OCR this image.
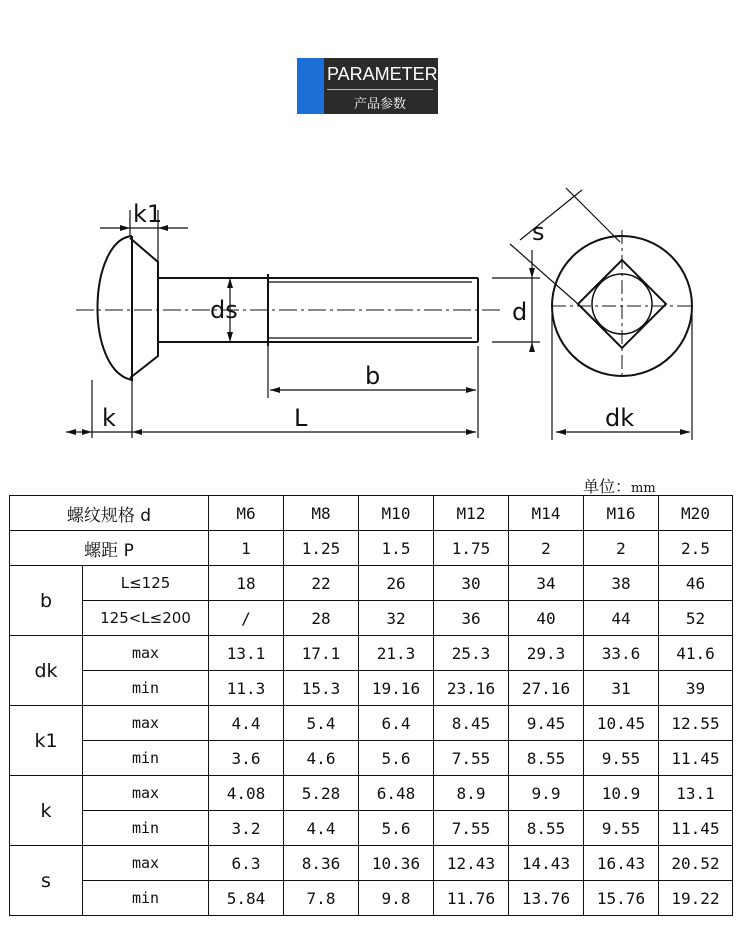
PARAMETER
产品参数
k1
ds
b
k	L
s
d
dk
单位：mm
螺纹规格 d		M6	M8	M10	M12	M14	M16	M20
螺距 P		1	1.25	1.5	1.75	2	2	2.5
b	L≤125	18	22	26	30	34	38	46
	125<L≤200	/	28	32	36	40	44	52
dk	max	13.1	17.1	21.3	25.3	29.3	33.6	41.6
	min	11.3	15.3	19.16	23.16	27.16	31	39
k1	max	4.4	5.4	6.4	8.45	9.45	10.45	12.55
	min	3.6	4.6	5.6	7.55	8.55	9.55	11.45
k	max	4.08	5.28	6.48	8.9	9.9	10.9	13.1
	min	3.2	4.4	5.6	7.55	8.55	9.55	11.45
s	max	6.3	8.36	10.36	12.43	14.43	16.43	20.52
	min	5.84	7.8	9.8	11.76	13.76	15.76	19.22
